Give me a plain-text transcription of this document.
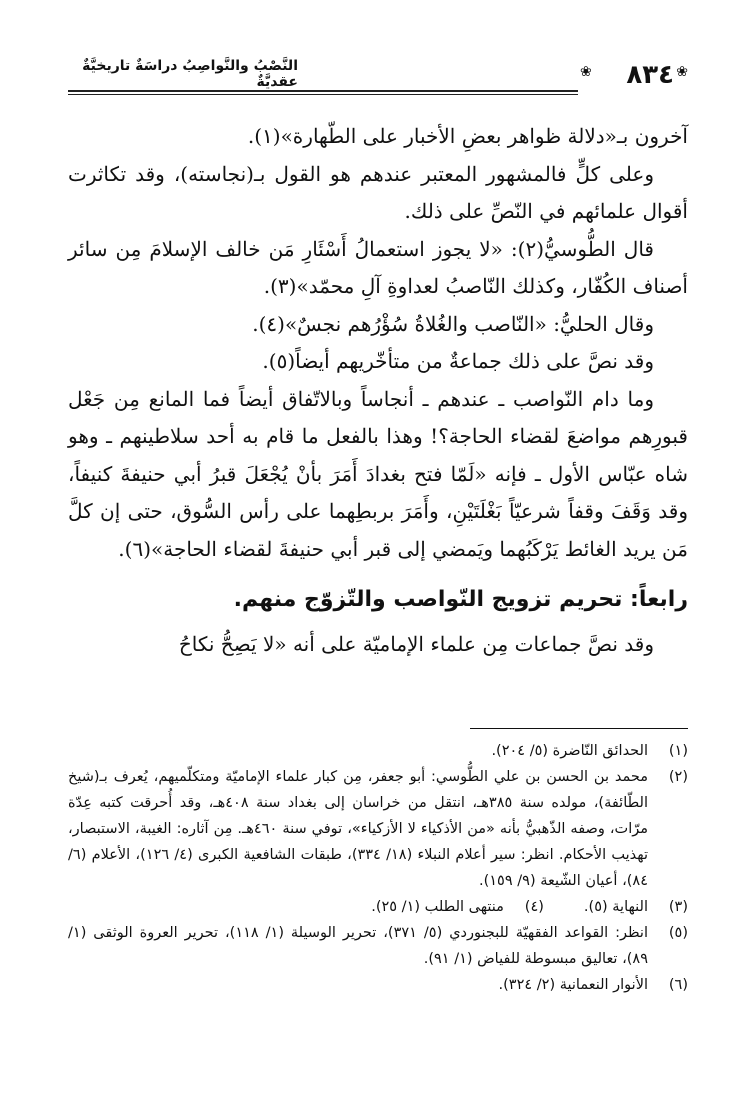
النَّصْبُ والنَّواصِبُ دراسَةٌ تاريخيَّةٌ عقديَّةٌ
❀ ٨٣٤ ❀

آخرون بـ«دلالة ظواهر بعضِ الأخبار على الطّهارة»(١).

وعلى كلٍّ فالمشهور المعتبر عندهم هو القول بـ(نجاسته)، وقد تكاثرت أقوال علمائهم في النّصِّ على ذلك.

قال الطُّوسيُّ(٢): «لا يجوز استعمالُ أَسْئَارِ مَن خالف الإسلامَ مِن سائر أصناف الكُفّار، وكذلك النّاصبُ لعداوةِ آلِ محمّد»(٣).

وقال الحليُّ: «النّاصب والغُلاةُ سُؤْرُهم نجسٌ»(٤).

وقد نصَّ على ذلك جماعةٌ من متأخّريهم أيضاً(٥).

وما دام النّواصب ـ عندهم ـ أنجاساً وبالاتّفاق أيضاً فما المانع مِن جَعْل قبورِهم مواضعَ لقضاء الحاجة؟! وهذا بالفعل ما قام به أحد سلاطينهم ـ وهو شاه عبّاس الأول ـ فإنه «لَمّا فتح بغدادَ أَمَرَ بأنْ يُجْعَلَ قبرُ أبي حنيفةَ كنيفاً، وقد وَقَفَ وقفاً شرعيّاً بَغْلَتَيْنِ، وأَمَرَ بربطِهما على رأس السُّوق، حتى إن كلَّ مَن يريد الغائط يَرْكَبُهما ويَمضي إلى قبر أبي حنيفةَ لقضاء الحاجة»(٦).

رابعاً: تحريم تزويج النّواصب والتّزوّج منهم.

وقد نصَّ جماعات مِن علماء الإماميّة على أنه «لا يَصِحُّ نكاحُ

(١)
الحدائق النّاضرة (٥/ ٢٠٤).
(٢)
محمد بن الحسن بن علي الطُّوسي: أبو جعفر، مِن كبار علماء الإماميّة ومتكلّميهم، يُعرف بـ(شيخ الطّائفة)، مولده سنة ٣٨٥هـ، انتقل من خراسان إلى بغداد سنة ٤٠٨هـ، وقد أُحرقت كتبه عِدّة مرّات، وصفه الذّهبيُّ بأنه «من الأذكياء لا الأزكياء»، توفي سنة ٤٦٠هـ. مِن آثاره: الغيبة، الاستبصار، تهذيب الأحكام. انظر: سير أعلام النبلاء (١٨/ ٣٣٤)، طبقات الشافعية الكبرى (٤/ ١٢٦)، الأعلام (٦/ ٨٤)، أعيان الشّيعة (٩/ ١٥٩).
(٣)
النهاية (٥).
(٤)
منتهى الطلب (١/ ٢٥).
(٥)
انظر: القواعد الفقهيّة للبجنوردي (٥/ ٣٧١)، تحرير الوسيلة (١/ ١١٨)، تحرير العروة الوثقى (١/ ٨٩)، تعاليق مبسوطة للفياض (١/ ٩١).
(٦)
الأنوار النعمانية (٢/ ٣٢٤).
